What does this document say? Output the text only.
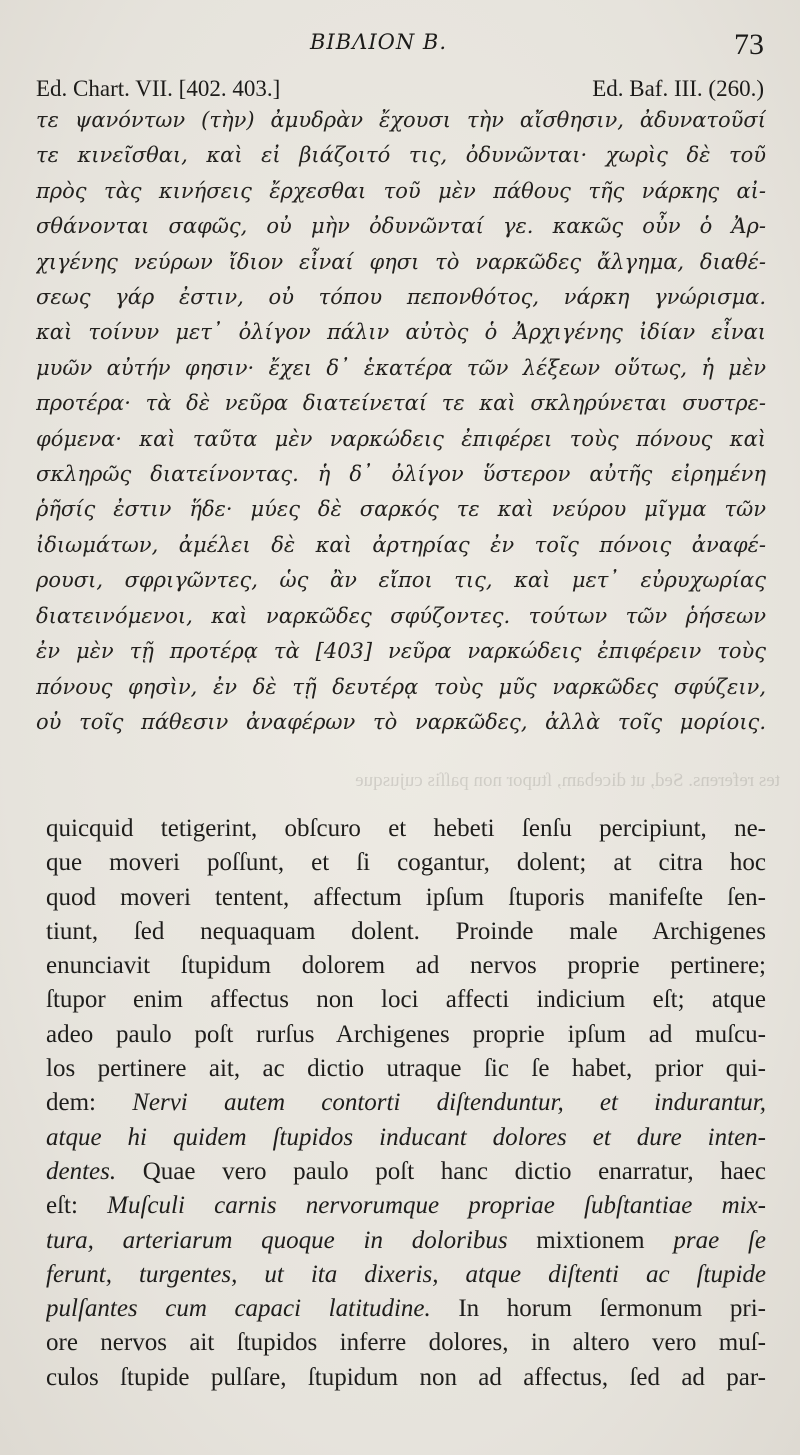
BIBΛION B.	73
Ed. Chart. VII. [402. 403.]	Ed. Baf. III. (260.)
τε ψανόντων (τὴν) ἀμυδρὰν ἔχουσι τὴν αἴσθησιν, ἀδυνατοῦσί
τε κινεῖσθαι, καὶ εἰ βιάζοιτό τις, ὀδυνῶνται· χωρὶς δὲ τοῦ
πρὸς τὰς κινήσεις ἔρχεσθαι τοῦ μὲν πάθους τῆς νάρκης αἰ-
σθάνονται σαφῶς, οὐ μὴν ὀδυνῶνταί γε. κακῶς οὖν ὁ Ἀρ-
χιγένης νεύρων ἴδιον εἶναί φησι τὸ ναρκῶδες ἄλγημα, διαθέ-
σεως γάρ ἐστιν, οὐ τόπου πεπονθότος, νάρκη γνώρισμα.
καὶ τοίνυν μετ᾽ ὀλίγον πάλιν αὐτὸς ὁ Ἀρχιγένης ἰδίαν εἶναι
μυῶν αὐτήν φησιν· ἔχει δ᾽ ἑκατέρα τῶν λέξεων οὕτως, ἡ μὲν
προτέρα· τὰ δὲ νεῦρα διατείνεταί τε καὶ σκληρύνεται συστρε-
φόμενα· καὶ ταῦτα μὲν ναρκώδεις ἐπιφέρει τοὺς πόνους καὶ
σκληρῶς διατείνοντας. ἡ δ᾽ ὀλίγον ὕστερον αὐτῆς εἰρημένη
ῥῆσίς ἐστιν ἥδε· μύες δὲ σαρκός τε καὶ νεύρου μῖγμα τῶν
ἰδιωμάτων, ἀμέλει δὲ καὶ ἀρτηρίας ἐν τοῖς πόνοις ἀναφέ-
ρουσι, σφριγῶντες, ὡς ἂν εἴποι τις, καὶ μετ᾽ εὐρυχωρίας
διατεινόμενοι, καὶ ναρκῶδες σφύζοντες. τούτων τῶν ῥήσεων
ἐν μὲν τῇ προτέρᾳ τὰ [403] νεῦρα ναρκώδεις ἐπιφέρειν τοὺς
πόνους φησὶν, ἐν δὲ τῇ δευτέρᾳ τοὺς μῦς ναρκῶδες σφύζειν,
οὐ τοῖς πάθεσιν ἀναφέρων τὸ ναρκῶδες, ἀλλὰ τοῖς μορίοις.
tes referens. Sed, ut dicebam, ſtupor non paſſis cujusque
quicquid tetigerint, obſcuro et hebeti ſenſu percipiunt, ne-
que moveri poſſunt, et ſi cogantur, dolent; at citra hoc
quod moveri tentent, affectum ipſum ſtuporis manifeſte ſen-
tiunt, ſed nequaquam dolent. Proinde male Archigenes
enunciavit ſtupidum dolorem ad nervos proprie pertinere;
ſtupor enim affectus non loci affecti indicium eſt; atque
adeo paulo poſt rurſus Archigenes proprie ipſum ad muſcu-
los pertinere ait, ac dictio utraque ſic ſe habet, prior qui-
dem: Nervi autem contorti diſtenduntur, et indurantur,
atque hi quidem ſtupidos inducant dolores et dure inten-
dentes. Quae vero paulo poſt hanc dictio enarratur, haec
eſt: Muſculi carnis nervorumque propriae ſubſtantiae mix-
tura, arteriarum quoque in doloribus mixtionem prae ſe
ferunt, turgentes, ut ita dixeris, atque diſtenti ac ſtupide
pulſantes cum capaci latitudine. In horum ſermonum pri-
ore nervos ait ſtupidos inferre dolores, in altero vero muſ-
culos ſtupide pulſare, ſtupidum non ad affectus, ſed ad par-
